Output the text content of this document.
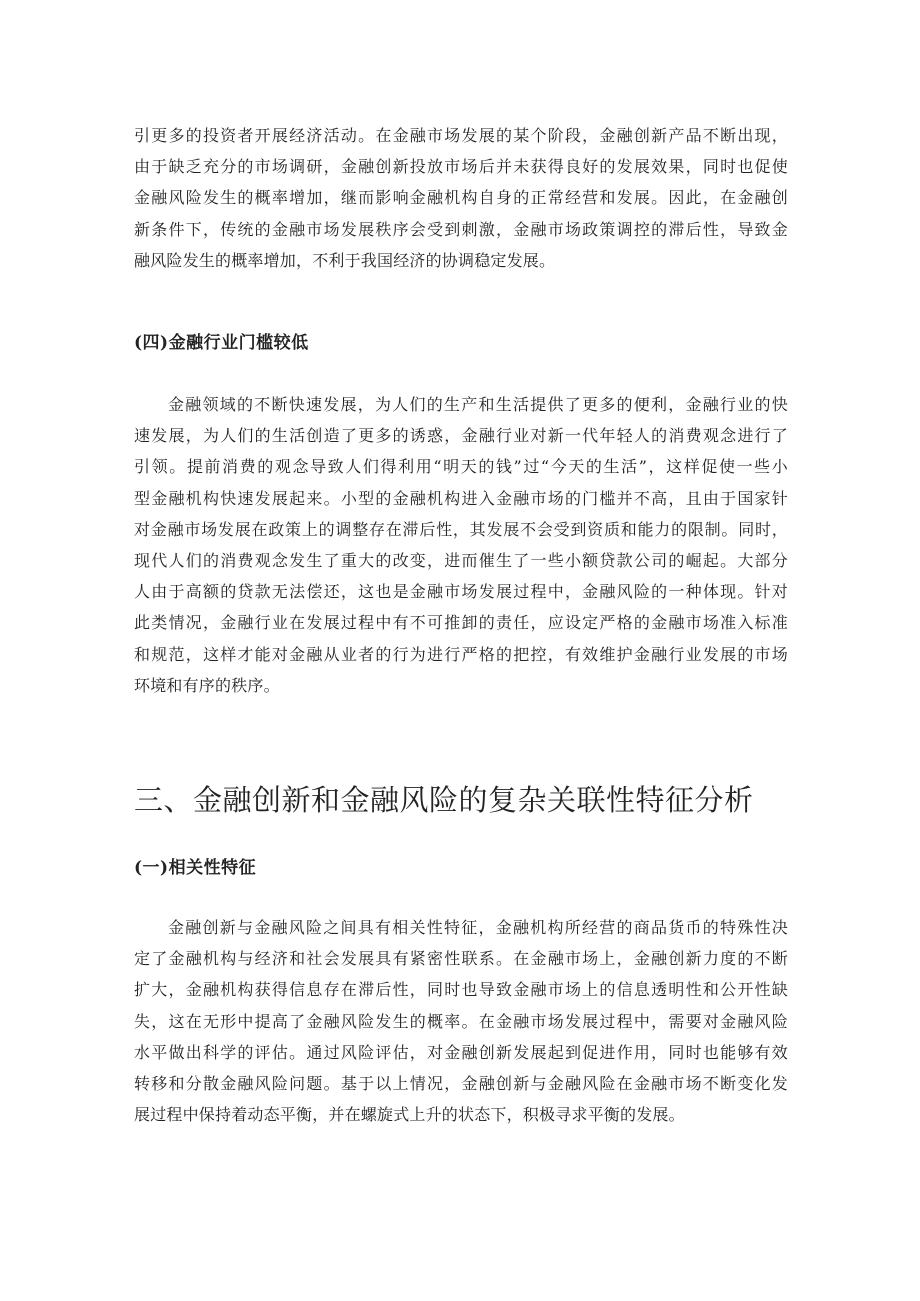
引更多的投资者开展经济活动。在金融市场发展的某个阶段，金融创新产品不断出现，
由于缺乏充分的市场调研，金融创新投放市场后并未获得良好的发展效果，同时也促使
金融风险发生的概率增加，继而影响金融机构自身的正常经营和发展。因此，在金融创
新条件下，传统的金融市场发展秩序会受到刺激，金融市场政策调控的滞后性，导致金
融风险发生的概率增加，不利于我国经济的协调稳定发展。
(四)金融行业门槛较低
金融领域的不断快速发展，为人们的生产和生活提供了更多的便利，金融行业的快
速发展，为人们的生活创造了更多的诱惑，金融行业对新一代年轻人的消费观念进行了
引领。提前消费的观念导致人们得利用“明天的钱”过“今天的生活”，这样促使一些小
型金融机构快速发展起来。小型的金融机构进入金融市场的门槛并不高，且由于国家针
对金融市场发展在政策上的调整存在滞后性，其发展不会受到资质和能力的限制。同时，
现代人们的消费观念发生了重大的改变，进而催生了一些小额贷款公司的崛起。大部分
人由于高额的贷款无法偿还，这也是金融市场发展过程中，金融风险的一种体现。针对
此类情况，金融行业在发展过程中有不可推卸的责任，应设定严格的金融市场准入标准
和规范，这样才能对金融从业者的行为进行严格的把控，有效维护金融行业发展的市场
环境和有序的秩序。
三、金融创新和金融风险的复杂关联性特征分析
(一)相关性特征
金融创新与金融风险之间具有相关性特征，金融机构所经营的商品货币的特殊性决
定了金融机构与经济和社会发展具有紧密性联系。在金融市场上，金融创新力度的不断
扩大，金融机构获得信息存在滞后性，同时也导致金融市场上的信息透明性和公开性缺
失，这在无形中提高了金融风险发生的概率。在金融市场发展过程中，需要对金融风险
水平做出科学的评估。通过风险评估，对金融创新发展起到促进作用，同时也能够有效
转移和分散金融风险问题。基于以上情况，金融创新与金融风险在金融市场不断变化发
展过程中保持着动态平衡，并在螺旋式上升的状态下，积极寻求平衡的发展。
